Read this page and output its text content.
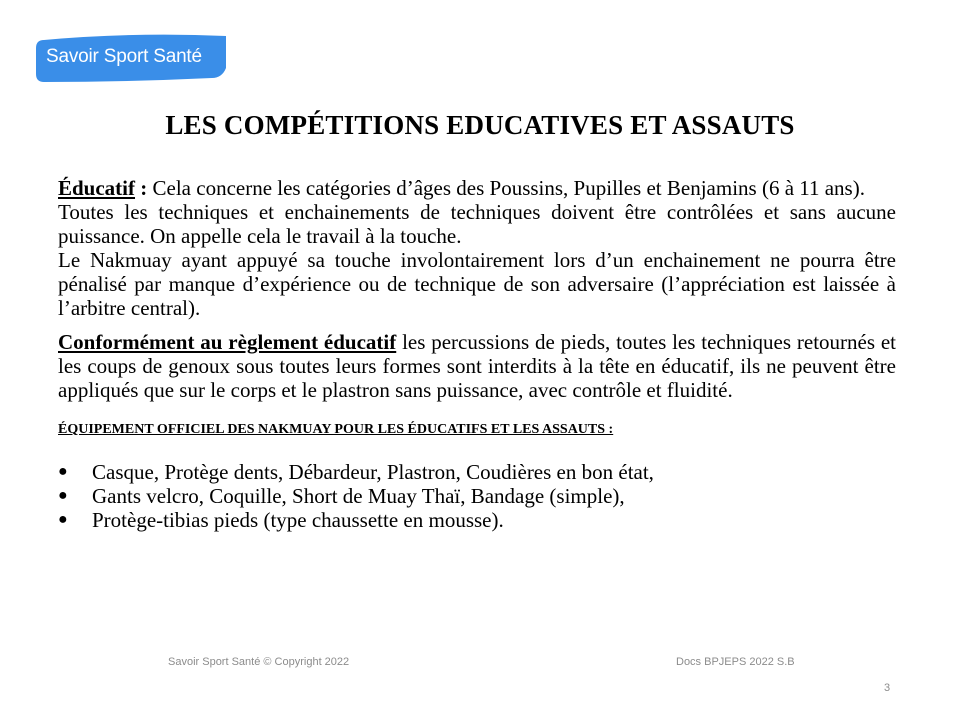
Savoir Sport Santé
LES COMPÉTITIONS EDUCATIVES ET ASSAUTS

Éducatif : Cela concerne les catégories d’âges des Poussins, Pupilles et Benjamins (6 à 11 ans).

Toutes les techniques et enchainements de techniques doivent être contrôlées et sans aucune puissance. On appelle cela le travail à la touche.

Le Nakmuay ayant appuyé sa touche involontairement lors d’un enchainement ne pourra être pénalisé par manque d’expérience ou de technique de son adversaire (l’appréciation est laissée à l’arbitre central).

Conformément au règlement éducatif les percussions de pieds, toutes les techniques retournés et les coups de genoux sous toutes leurs formes sont interdits à la tête en éducatif, ils ne peuvent être appliqués que sur le corps et le plastron sans puissance, avec contrôle et fluidité.

ÉQUIPEMENT OFFICIEL DES NAKMUAY POUR LES ÉDUCATIFS ET LES ASSAUTS :

● Casque, Protège dents, Débardeur, Plastron, Coudières en bon état,
● Gants velcro, Coquille, Short de Muay Thaï, Bandage (simple),
● Protège-tibias pieds (type chaussette en mousse).
Savoir Sport Santé © Copyright 2022	Docs BPJEPS 2022 S.B
3
